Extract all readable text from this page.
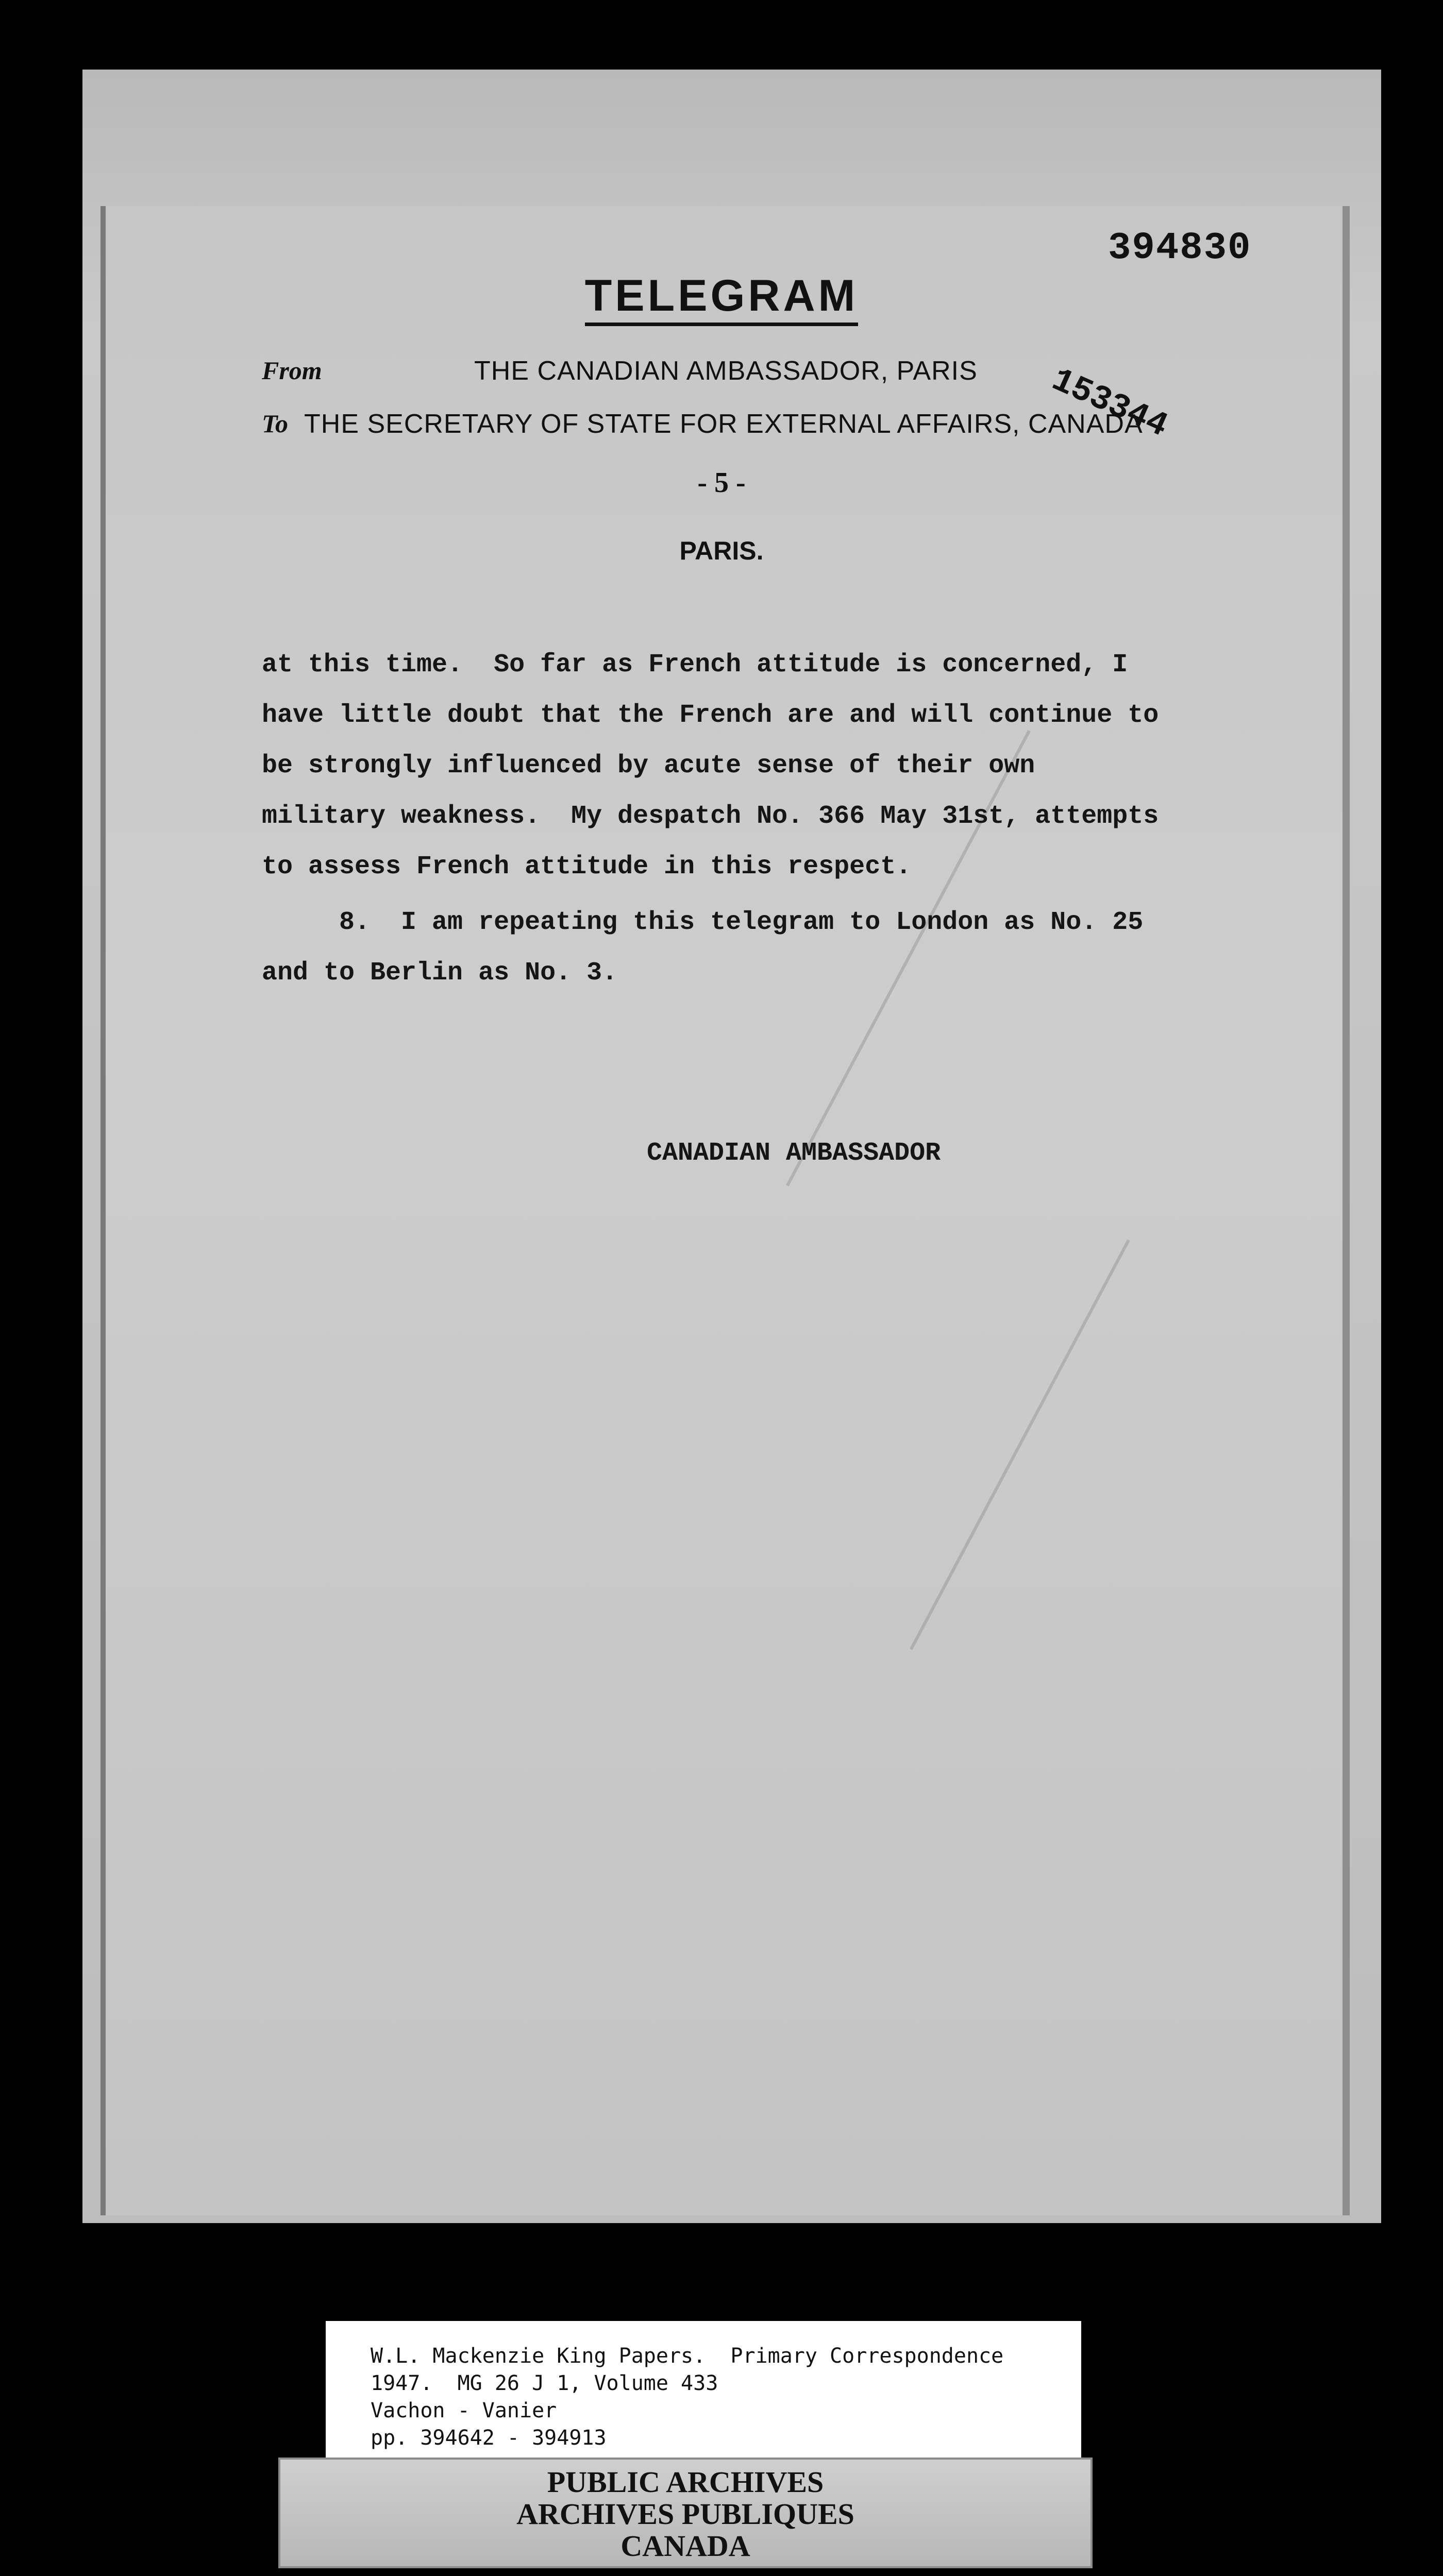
394830
TELEGRAM
From	THE CANADIAN AMBASSADOR, PARIS
To THE SECRETARY OF STATE FOR EXTERNAL AFFAIRS, CANADA
153344
- 5 -
PARIS.
at this time.  So far as French attitude is concerned, I
have little doubt that the French are and will continue to
be strongly influenced by acute sense of their own
military weakness.  My despatch No. 366 May 31st, attempts
to assess French attitude in this respect.
8.  I am repeating this telegram to London as No. 25
and to Berlin as No. 3.
CANADIAN AMBASSADOR
W.L. Mackenzie King Papers.  Primary Correspondence
1947.  MG 26 J 1, Volume 433
Vachon - Vanier
pp. 394642 - 394913
PUBLIC ARCHIVES
ARCHIVES PUBLIQUES
CANADA
